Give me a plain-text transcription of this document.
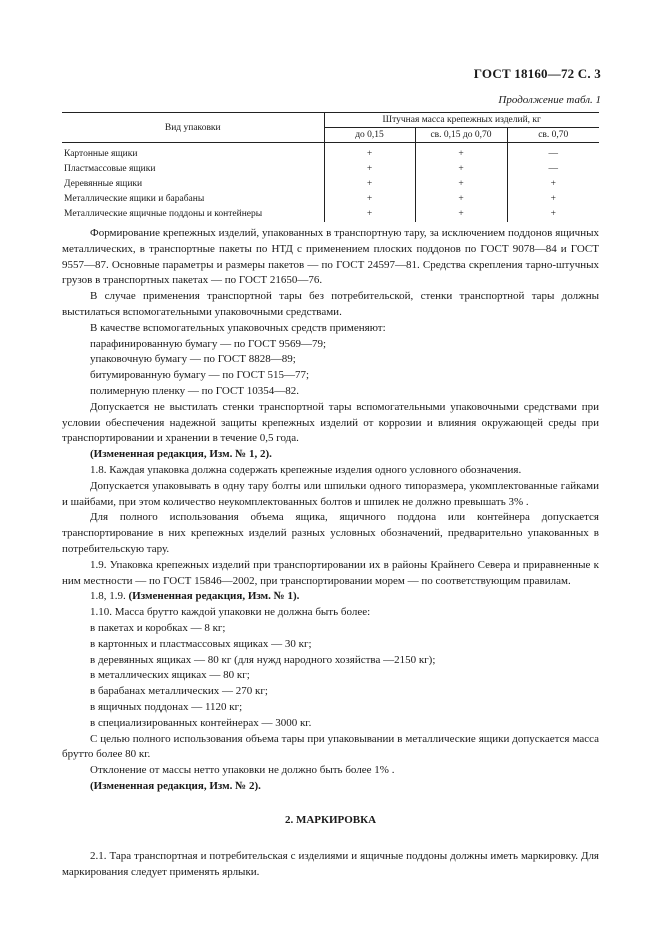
ГОСТ 18160—72 С. 3
Продолжение табл. 1
Вид упаковки	Штучная масса крепежных изделий, кг		
	до 0,15	св. 0,15 до 0,70	св. 0,70
Картонные ящики	+	+	—
Пластмассовые ящики	+	+	—
Деревянные ящики	+	+	+
Металлические ящики и барабаны	+	+	+
Металлические ящичные поддоны и контейнеры	+	+	+

Формирование крепежных изделий, упакованных в транспортную тару, за исключением поддонов ящичных металлических, в транспортные пакеты по НТД с применением плоских поддонов по ГОСТ 9078—84 и ГОСТ 9557—87. Основные параметры и размеры пакетов — по ГОСТ 24597—81. Средства скрепления тарно-штучных грузов в транспортных пакетах — по ГОСТ 21650—76.

В случае применения транспортной тары без потребительской, стенки транспортной тары должны выстилаться вспомогательными упаковочными средствами.

В качестве вспомогательных упаковочных средств применяют:

парафинированную бумагу — по ГОСТ 9569—79;

упаковочную бумагу — по ГОСТ 8828—89;

битумированную бумагу — по ГОСТ 515—77;

полимерную пленку — по ГОСТ 10354—82.

Допускается не выстилать стенки транспортной тары вспомогательными упаковочными средствами при условии обеспечения надежной защиты крепежных изделий от коррозии и влияния окружающей среды при транспортировании и хранении в течение 0,5 года.

(Измененная редакция, Изм. № 1, 2).

1.8. Каждая упаковка должна содержать крепежные изделия одного условного обозначения.

Допускается упаковывать в одну тару болты или шпильки одного типоразмера, укомплектованные гайками и шайбами, при этом количество неукомплектованных болтов и шпилек не должно превышать 3% .

Для полного использования объема ящика, ящичного поддона или контейнера допускается транспортирование в них крепежных изделий разных условных обозначений, предварительно упакованных в потребительскую тару.

1.9. Упаковка крепежных изделий при транспортировании их в районы Крайнего Севера и приравненные к ним местности — по ГОСТ 15846—2002, при транспортировании морем — по соответствующим правилам.

1.8, 1.9. (Измененная редакция, Изм. № 1).

1.10. Масса брутто каждой упаковки не должна быть более:

в пакетах и коробках — 8 кг;

в картонных и пластмассовых ящиках — 30 кг;

в деревянных ящиках — 80 кг (для нужд народного хозяйства —2150 кг);

в металлических ящиках — 80 кг;

в барабанах металлических — 270 кг;

в ящичных поддонах — 1120 кг;

в специализированных контейнерах — 3000 кг.

С целью полного использования объема тары при упаковывании в металлические ящики допускается масса брутто более 80 кг.

Отклонение от массы нетто упаковки не должно быть более 1% .

(Измененная редакция, Изм. № 2).

2. МАРКИРОВКА

2.1. Тара транспортная и потребительская с изделиями и ящичные поддоны должны иметь маркировку. Для маркирования следует применять ярлыки.
